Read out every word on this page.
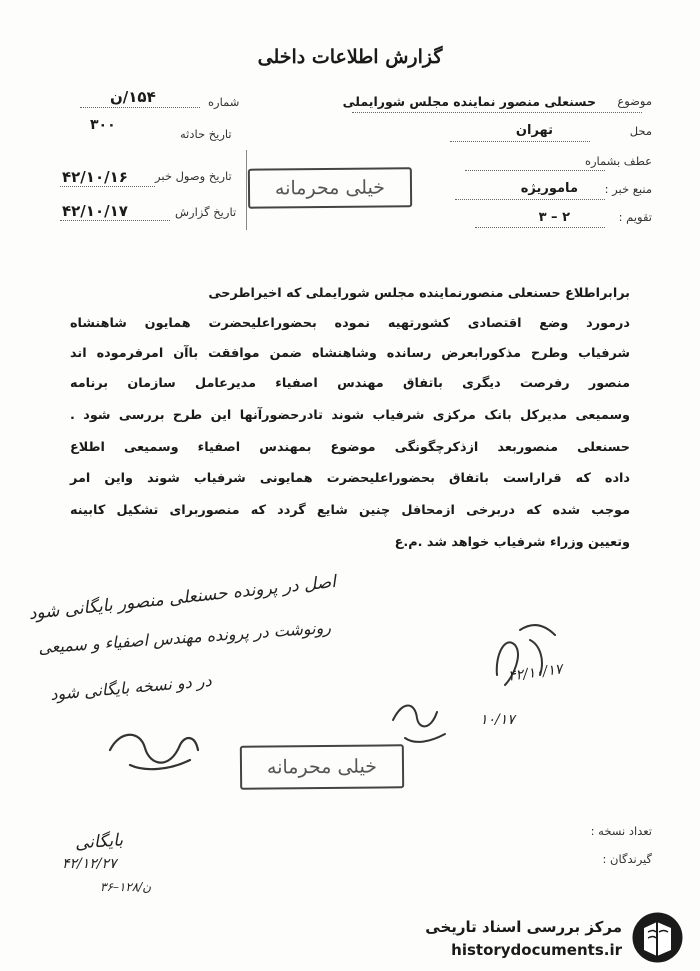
گزارش اطلاعات داخلی
موضوع
حسنعلی منصور نماینده مجلس شورایملی
محل
تهران
عطف بشماره
منبع خبر :
ماموریژه
تقویم :
۳ – ۲
شماره
۱۵۴/ن
تاریخ حادثه
۳۰۰
تاریخ وصول خبر
۴۲/۱۰/۱۶
تاریخ گزارش
۴۲/۱۰/۱۷
خیلی محرمانه
برابراطلاع حسنعلی منصورنماینده مجلس شورایملی که اخیراطرحی
درمورد وضع اقتصادی کشورتهیه نموده بحضوراعلیحضرت همایون شاهنشاه
شرفیاب وطرح مذکورابعرض رسانده وشاهنشاه ضمن موافقت باآن امرفرموده اند
منصور رفرصت دیگری باتفاق مهندس اصفیاء مدیرعامل سازمان برنامه
وسمیعی مدیرکل بانک مرکزی شرفیاب شوند تادرحضورآنها این طرح بررسی شود .
حسنعلی منصوربعد ازذکرچگونگی موضوع بمهندس اصفیاء وسمیعی اطلاع
داده که قراراست باتفاق بحضوراعلیحضرت همایونی شرفیاب شوند واین امر
موجب شده که دربرخی ازمحافل چنین شایع گردد که منصوربرای تشکیل کابینه
وتعیین وزراء شرفیاب خواهد شد .م.ع
اصل در پرونده حسنعلی منصور بایگانی شود
رونوشت در پرونده مهندس اصفیاء و سمیعی
در دو نسخه بایگانی شود	۴۲/۱۰/۱۷
۱۰/۱۷
خیلی محرمانه
تعداد نسخه :
گیرندگان :
بایگانی
۴۲/۱۲/۲۷
۳۶–۱۲۸/ن
مرکز بررسی اسناد تاریخی
historydocuments.ir
